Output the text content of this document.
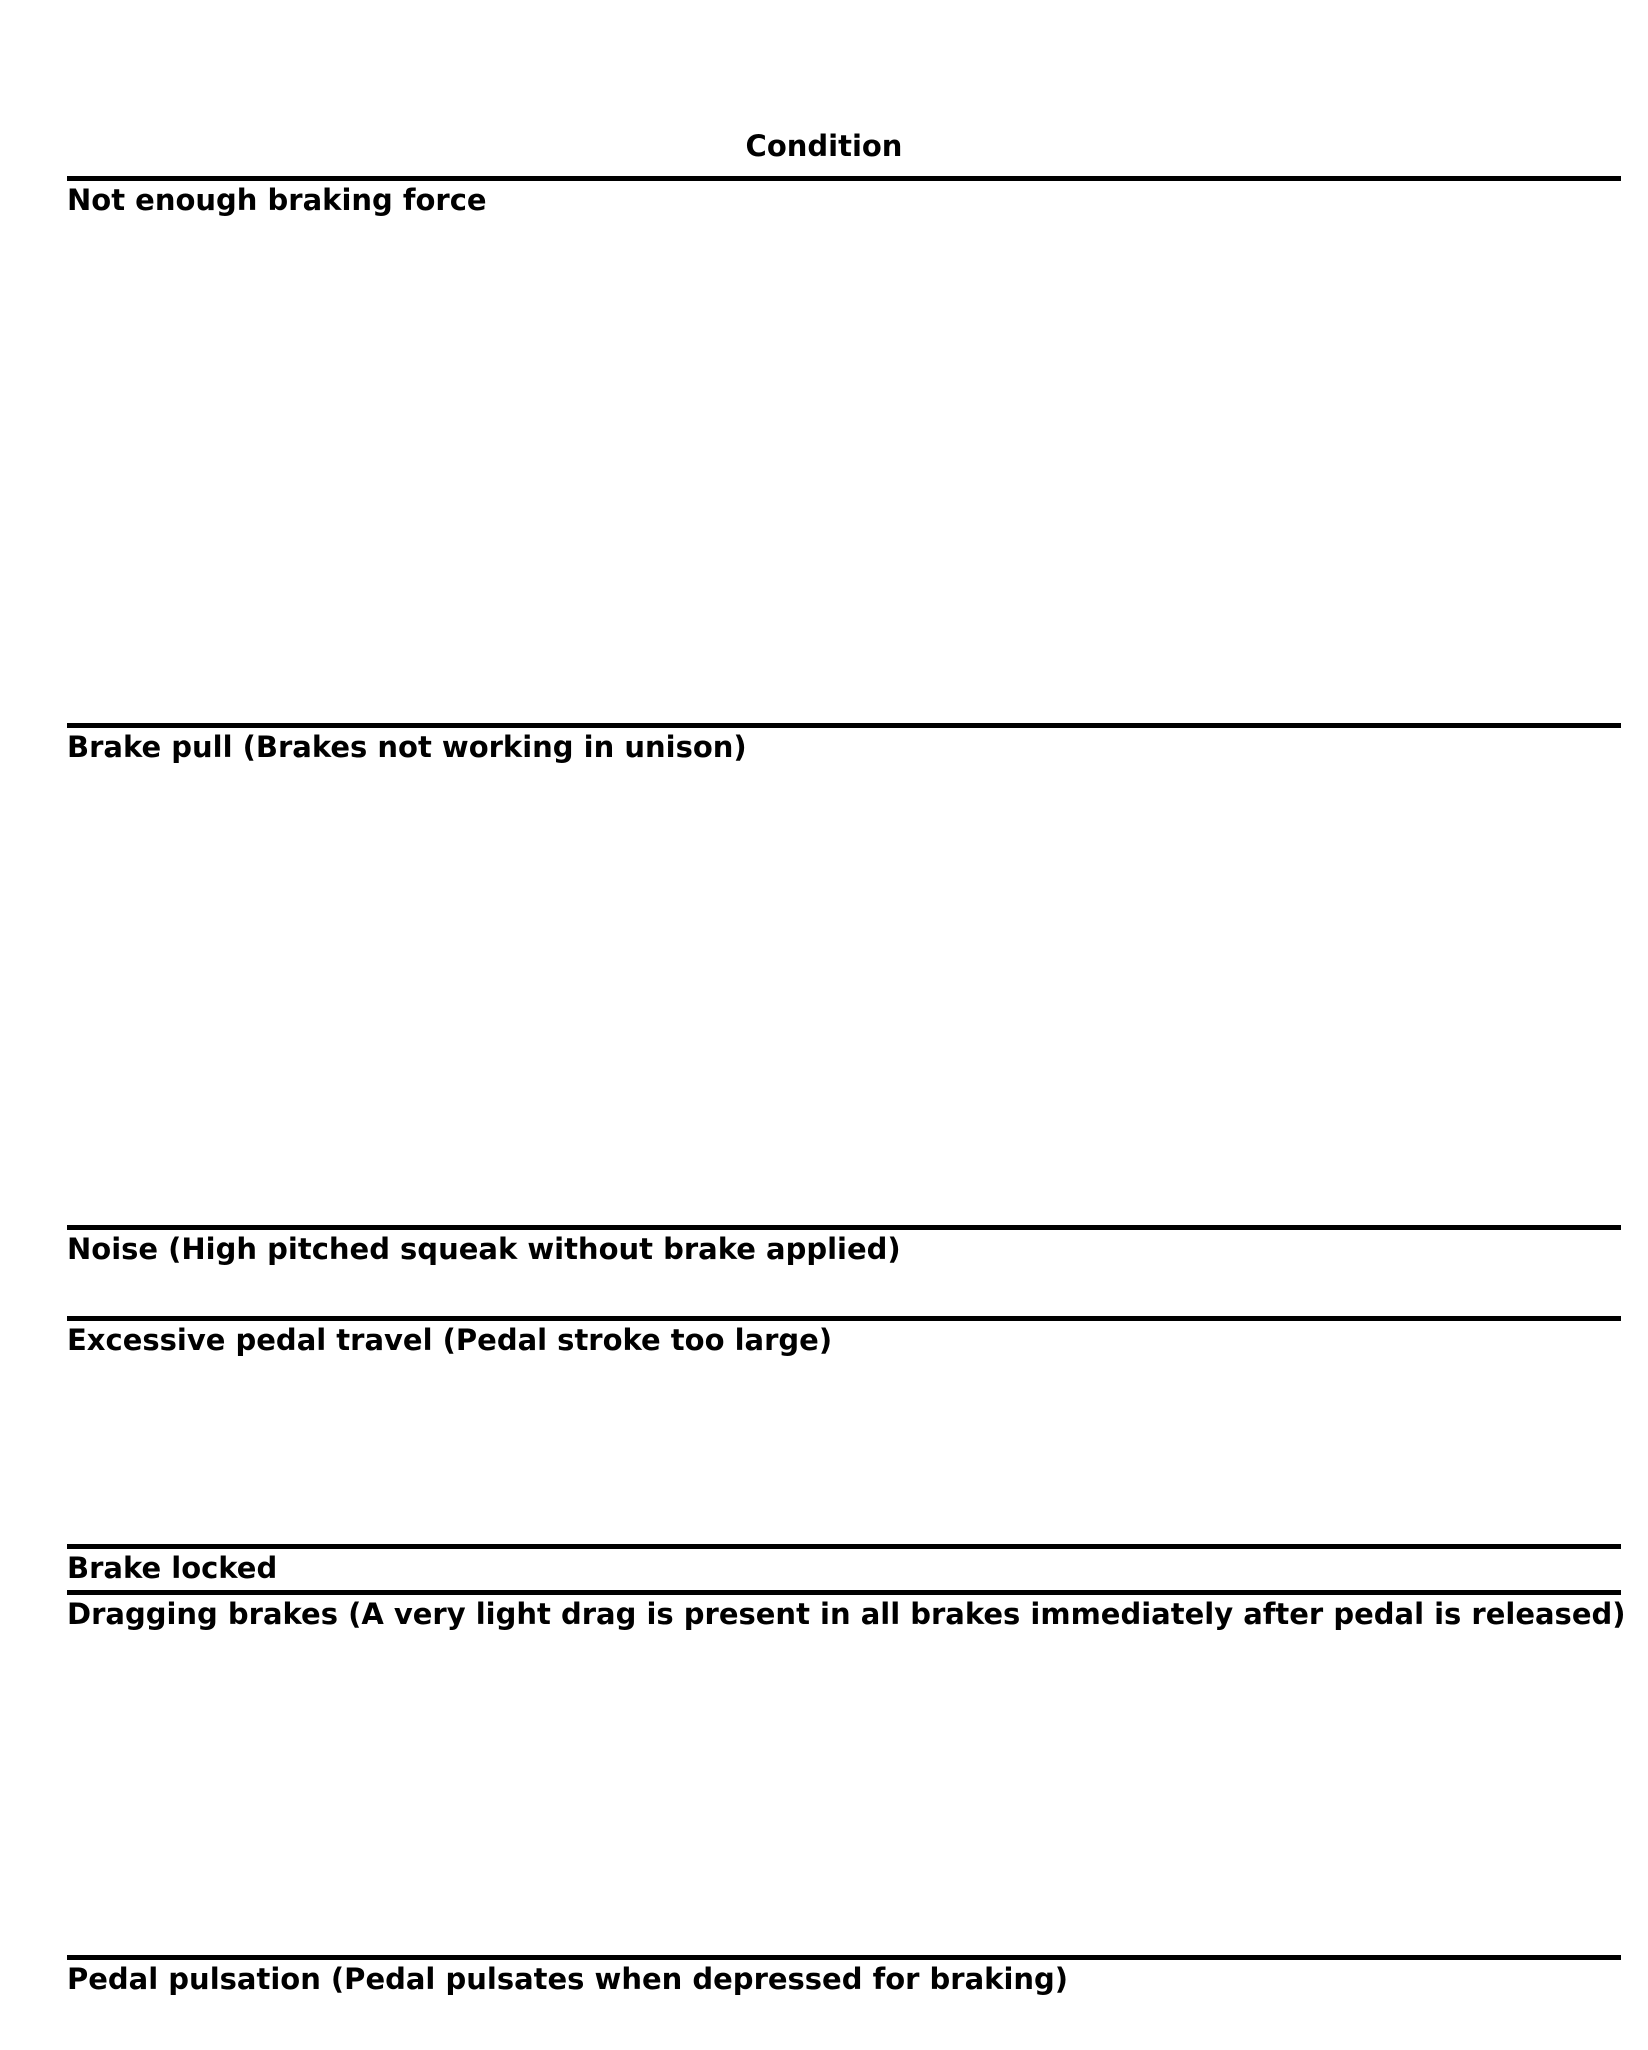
Condition
Not enough braking force
Brake pull (Brakes not working in unison)
Noise (High pitched squeak without brake applied)
Excessive pedal travel (Pedal stroke too large)
Brake locked
Dragging brakes (A very light drag is present in all brakes immediately after pedal is released)
Pedal pulsation (Pedal pulsates when depressed for braking)
